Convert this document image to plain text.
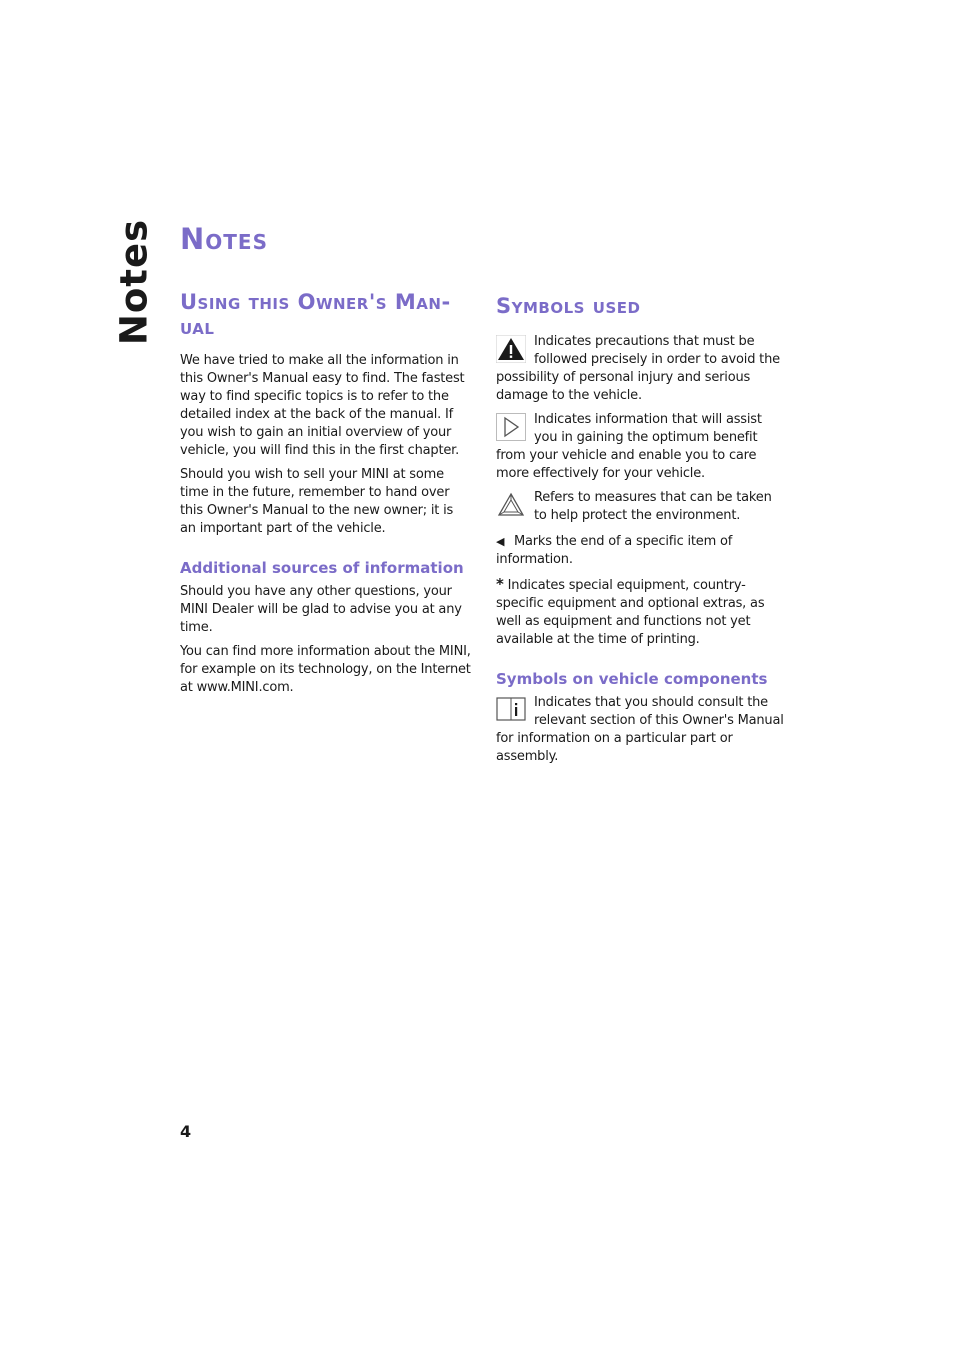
Notes Notes
Using this Owner's Man-
ual

We have tried to make all the information in this Owner's Manual easy to find. The fastest way to find specific topics is to refer to the detailed index at the back of the manual. If you wish to gain an initial overview of your vehicle, you will find this in the first chapter.

Should you wish to sell your MINI at some time in the future, remember to hand over this Owner's Manual to the new owner; it is an important part of the vehicle.

Additional sources of information

Should you have any other questions, your MINI Dealer will be glad to advise you at any time.

You can find more information about the MINI, for example on its technology, on the Internet at www.MINI.com.

Symbols used
Indicates precautions that must be followed precisely in order to avoid the possibility of personal injury and serious damage to the vehicle.
Indicates information that will assist you in gaining the optimum benefit from your vehicle and enable you to care more effectively for your vehicle.
Refers to measures that can be taken to help protect the environment.
◀ Marks the end of a specific item of information.
* Indicates special equipment, country-specific equipment and optional extras, as well as equipment and functions not yet available at the time of printing.
Symbols on vehicle components
Indicates that you should consult the relevant section of this Owner's Manual for information on a particular part or assembly.
4
